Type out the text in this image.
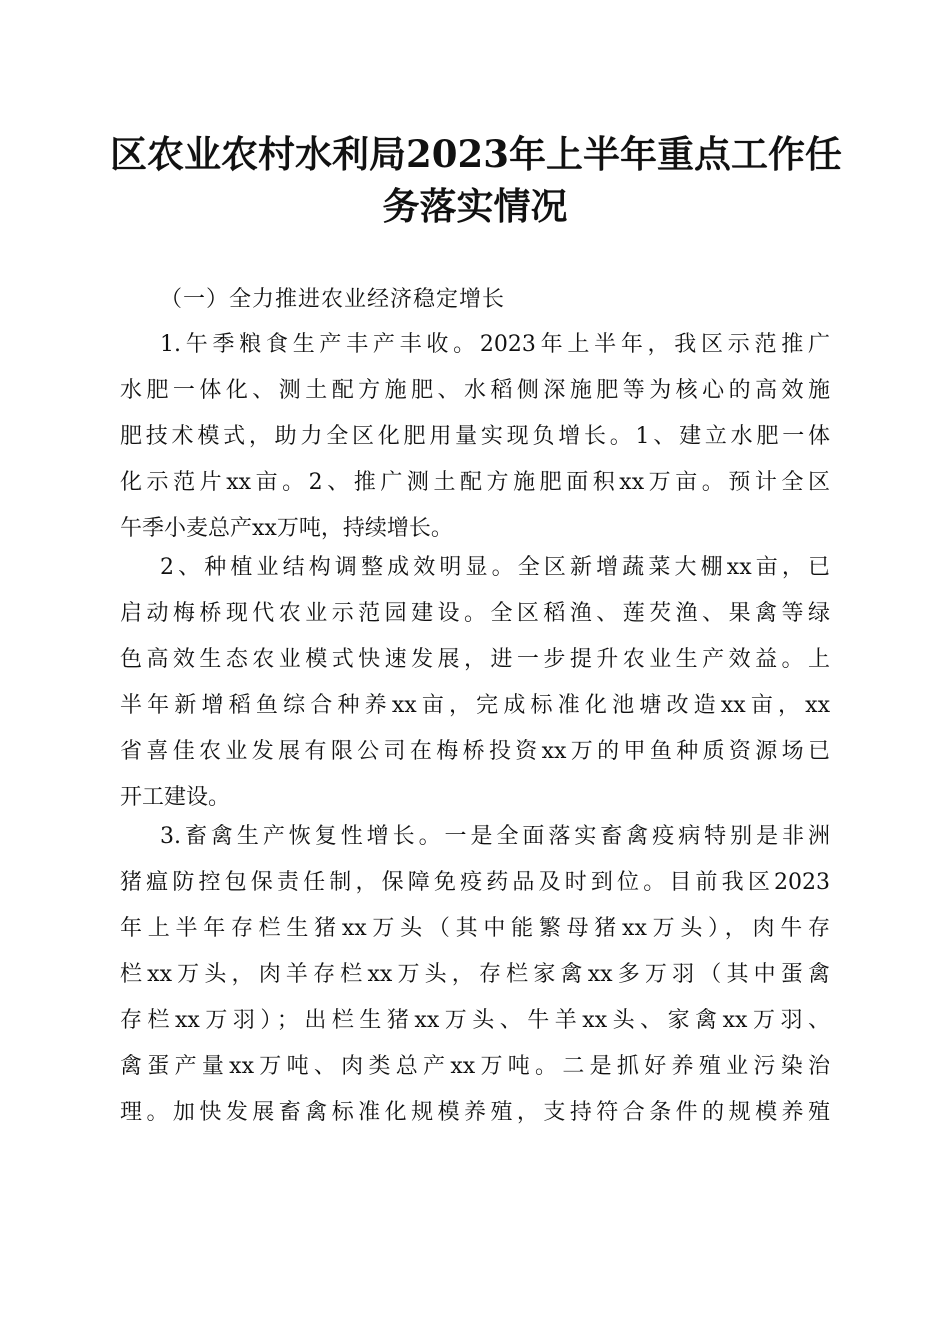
区农业农村水利局2023年上半年重点工作任
务落实情况

（一）全力推进农业经济稳定增长

1.午季粮食生产丰产丰收。2023年上半年，我区示范推广
水肥一体化、测土配方施肥、水稻侧深施肥等为核心的高效施
肥技术模式，助力全区化肥用量实现负增长。1、建立水肥一体
化示范片xx亩。2、推广测土配方施肥面积xx万亩。预计全区
午季小麦总产xx万吨，持续增长。
2、种植业结构调整成效明显。全区新增蔬菜大棚xx亩，已
启动梅桥现代农业示范园建设。全区稻渔、莲芡渔、果禽等绿
色高效生态农业模式快速发展，进一步提升农业生产效益。上
半年新增稻鱼综合种养xx亩，完成标准化池塘改造xx亩，xx
省喜佳农业发展有限公司在梅桥投资xx万的甲鱼种质资源场已
开工建设。
3.畜禽生产恢复性增长。一是全面落实畜禽疫病特别是非洲
猪瘟防控包保责任制，保障免疫药品及时到位。目前我区2023
年上半年存栏生猪xx万头（其中能繁母猪xx万头），肉牛存
栏xx万头，肉羊存栏xx万头，存栏家禽xx多万羽（其中蛋禽
存栏xx万羽）；出栏生猪xx万头、牛羊xx头、家禽xx万羽、
禽蛋产量xx万吨、肉类总产xx万吨。二是抓好养殖业污染治
理。加快发展畜禽标准化规模养殖，支持符合条件的规模养殖
